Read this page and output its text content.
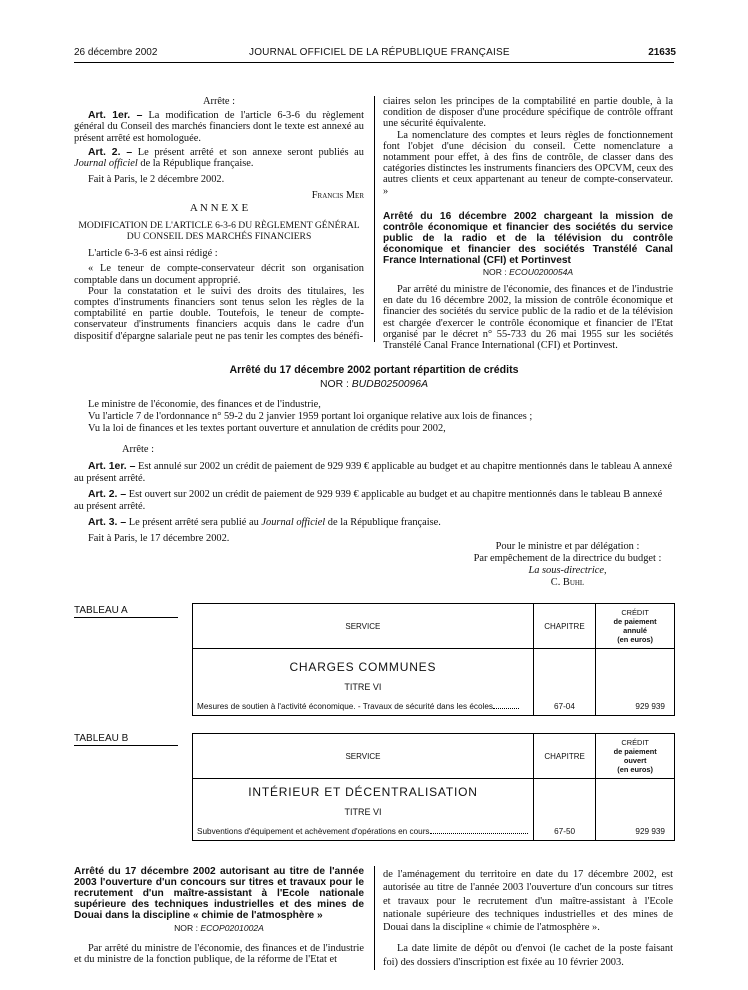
26 décembre 2002	JOURNAL OFFICIEL DE LA RÉPUBLIQUE FRANÇAISE	21635

Arrête :

Art. 1er. – La modification de l'article 6-3-6 du règlement général du Conseil des marchés financiers dont le texte est annexé au présent arrêté est homologuée.

Art. 2. – Le présent arrêté et son annexe seront publiés au Journal officiel de la République française.

Fait à Paris, le 2 décembre 2002.

Francis Mer

A N N E X E

MODIFICATION DE L'ARTICLE 6-3-6 DU RÈGLEMENT GÉNÉRAL DU CONSEIL DES MARCHÉS FINANCIERS

L'article 6-3-6 est ainsi rédigé :

« Le teneur de compte-conservateur décrit son organisation comptable dans un document approprié.

Pour la constatation et le suivi des droits des titulaires, les comptes d'instruments financiers sont tenus selon les règles de la comptabilité en partie double. Toutefois, le teneur de compte-conservateur d'instruments financiers acquis dans le cadre d'un dispositif d'épargne salariale peut ne pas tenir les comptes des bénéfi-

ciaires selon les principes de la comptabilité en partie double, à la condition de disposer d'une procédure spécifique de contrôle offrant une sécurité équivalente.

La nomenclature des comptes et leurs règles de fonctionnement font l'objet d'une décision du conseil. Cette nomenclature a notamment pour effet, à des fins de contrôle, de classer dans des catégories distinctes les instruments financiers des OPCVM, ceux des autres clients et ceux appartenant au teneur de compte-conservateur. »

Arrêté du 16 décembre 2002 chargeant la mission de contrôle économique et financier des sociétés du service public de la radio et de la télévision du contrôle économique et financier des sociétés Transtélé Canal France International (CFI) et Portinvest

NOR : ECOU0200054A

Par arrêté du ministre de l'économie, des finances et de l'industrie en date du 16 décembre 2002, la mission de contrôle économique et financier des sociétés du service public de la radio et de la télévision est chargée d'exercer le contrôle économique et financier de l'Etat organisé par le décret n° 55-733 du 26 mai 1955 sur les sociétés Transtélé Canal France International (CFI) et Portinvest.

Arrêté du 17 décembre 2002 portant répartition de crédits
NOR : BUDB0250096A

Le ministre de l'économie, des finances et de l'industrie,

Vu l'article 7 de l'ordonnance n° 59-2 du 2 janvier 1959 portant loi organique relative aux lois de finances ;

Vu la loi de finances et les textes portant ouverture et annulation de crédits pour 2002,

Arrête :

Art. 1er. – Est annulé sur 2002 un crédit de paiement de 929 939 € applicable au budget et au chapitre mentionnés dans le tableau A annexé au présent arrêté.

Art. 2. – Est ouvert sur 2002 un crédit de paiement de 929 939 € applicable au budget et au chapitre mentionnés dans le tableau B annexé au présent arrêté.

Art. 3. – Le présent arrêté sera publié au Journal officiel de la République française.

Fait à Paris, le 17 décembre 2002.

Pour le ministre et par délégation :

Par empêchement de la directrice du budget :

La sous-directrice,

C. Buhl

TABLEAU A
SERVICE	CHAPITRE	CRÉDIT
de paiement
annulé
(en euros)

CHARGES COMMUNES
TITRE VI
Mesures de soutien à l'activité économique. - Travaux de sécurité dans les écoles	67-04	929 939
TABLEAU B
SERVICE	CHAPITRE	CRÉDIT
de paiement
ouvert
(en euros)

INTÉRIEUR ET DÉCENTRALISATION
TITRE VI
Subventions d'équipement et achèvement d'opérations en cours	67-50	929 939

Arrêté du 17 décembre 2002 autorisant au titre de l'année 2003 l'ouverture d'un concours sur titres et travaux pour le recrutement d'un maître-assistant à l'Ecole nationale supérieure des techniques industrielles et des mines de Douai dans la discipline « chimie de l'atmosphère »

NOR : ECOP0201002A

Par arrêté du ministre de l'économie, des finances et de l'industrie et du ministre de la fonction publique, de la réforme de l'Etat et

de l'aménagement du territoire en date du 17 décembre 2002, est autorisée au titre de l'année 2003 l'ouverture d'un concours sur titres et travaux pour le recrutement d'un maître-assistant à l'Ecole nationale supérieure des techniques industrielles et des mines de Douai dans la discipline « chimie de l'atmosphère ».

La date limite de dépôt ou d'envoi (le cachet de la poste faisant foi) des dossiers d'inscription est fixée au 10 février 2003.
